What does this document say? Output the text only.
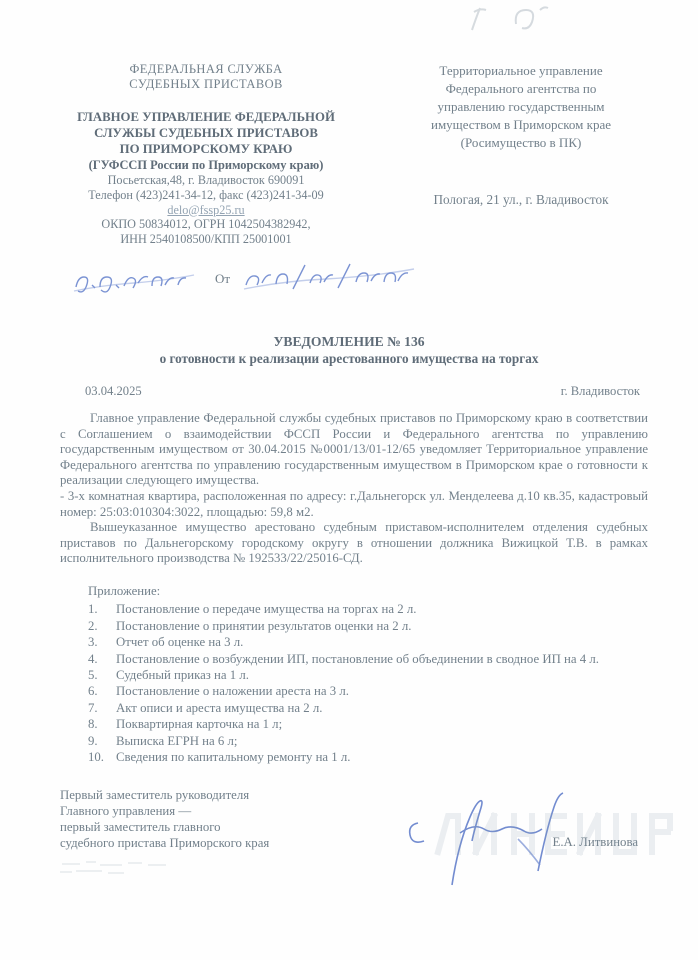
ФЕДЕРАЛЬНАЯ СЛУЖБА
СУДЕБНЫХ ПРИСТАВОВ
ГЛАВНОЕ УПРАВЛЕНИЕ ФЕДЕРАЛЬНОЙ
СЛУЖБЫ СУДЕБНЫХ ПРИСТАВОВ
ПО ПРИМОРСКОМУ КРАЮ
(ГУФССП России по Приморскому краю)
Посьетская,48, г. Владивосток 690091
Телефон (423)241-34-12, факс (423)241-34-09
delo@fssp25.ru
ОКПО 50834012, ОГРН 1042504382942,
ИНН 2540108500/КПП 25001001
Территориальное управление
Федерального агентства по
управлению государственным
имуществом в Приморском крае
(Росимущество в ПК)
Пологая, 21 ул., г. Владивосток
От
УВЕДОМЛЕНИЕ № 136
о готовности к реализации арестованного имущества на торгах
03.04.2025	г. Владивосток

Главное управление Федеральной службы судебных приставов по Приморскому краю в соответствии с Соглашением о взаимодействии ФССП России и Федерального агентства по управлению государственным имуществом от 30.04.2015 №0001/13/01-12/65 уведомляет Территориальное управление Федерального агентства по управлению государственным имуществом в Приморском крае о готовности к реализации следующего имущества.

- 3-х комнатная квартира, расположенная по адресу: г.Дальнегорск ул. Менделеева д.10 кв.35, кадастровый номер: 25:03:010304:3022, площадью: 59,8 м2.

Вышеуказанное имущество арестовано судебным приставом-исполнителем отделения судебных приставов по Дальнегорскому городскому округу в отношении должника Вижицкой Т.В. в рамках исполнительного производства № 192533/22/25016-СД.

Приложение:
1.	Постановление о передаче имущества на торгах на 2 л.
2.	Постановление о принятии результатов оценки на 2 л.
3.	Отчет об оценке на 3 л.
4.	Постановление о возбуждении ИП, постановление об объединении в сводное ИП на 4 л.
5.	Судебный приказ на 1 л.
6.	Постановление о наложении ареста на 3 л.
7.	Акт описи и ареста имущества на 2 л.
8.	Поквартирная карточка на 1 л;
9.	Выписка ЕГРН на 6 л;
10. Сведения по капитальному ремонту на 1 л.
Первый заместитель руководителя
Главного управления —
первый заместитель главного
судебного пристава Приморского края	Е.А. Литвинова
